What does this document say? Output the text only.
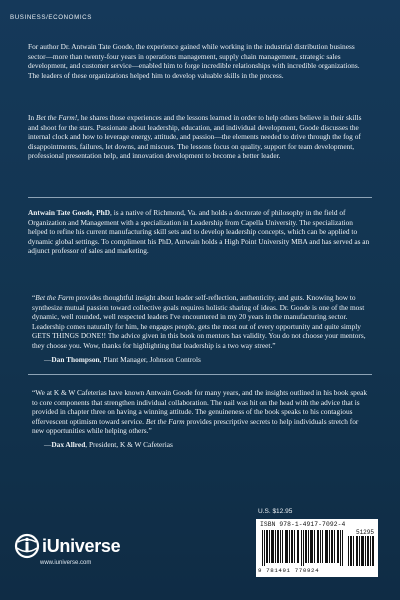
BUSINESS/ECONOMICS

For author Dr. Antwain Tate Goode, the experience gained while working in the industrial distribution business sector—more than twenty-four years in operations management, supply chain management, strategic sales development, and customer service—enabled him to forge incredible relationships with incredible organizations. The leaders of these organizations helped him to develop valuable skills in the process.

In Bet the Farm!, he shares those experiences and the lessons learned in order to help others believe in their skills and shoot for the stars. Passionate about leadership, education, and individual development, Goode discusses the internal clock and how to leverage energy, attitude, and passion—the elements needed to drive through the fog of disappointments, failures, let downs, and miscues. The lessons focus on quality, support for team development, professional presentation help, and innovation development to become a better leader.

Antwain Tate Goode, PhD, is a native of Richmond, Va. and holds a doctorate of philosophy in the field of Organization and Management with a specialization in Leadership from Capella University. The specialization helped to refine his current manufacturing skill sets and to develop leadership concepts, which can be applied to dynamic global settings. To compliment his PhD, Antwain holds a High Point University MBA and has served as an adjunct professor of sales and marketing.

“Bet the Farm provides thoughtful insight about leader self-reflection, authenticity, and guts. Knowing how to synthesize mutual passion toward collective goals requires holistic sharing of ideas. Dr. Goode is one of the most dynamic, well rounded, well respected leaders I've encountered in my 20 years in the manufacturing sector. Leadership comes naturally for him, he engages people, gets the most out of every opportunity and quite simply GETS THINGS DONE!! The advice given in this book on mentors has validity. You do not choose your mentors, they choose you. Wow, thanks for highlighting that leadership is a two way street.”

—Dan Thompson, Plant Manager, Johnson Controls

“We at K & W Cafeterias have known Antwain Goode for many years, and the insights outlined in his book speak to core components that strengthen individual collaboration. The nail was hit on the head with the advice that is provided in chapter three on having a winning attitude. The genuineness of the book speaks to his contagious effervescent optimism toward service. Bet the Farm provides prescriptive secrets to help individuals stretch for new opportunities while helping others.”

—Dax Allred, President, K & W Cafeterias

U.S. $12.95
ISBN 978-1-4917-7092-4
51295
9 781491 770924
iUniverse
www.iuniverse.com
